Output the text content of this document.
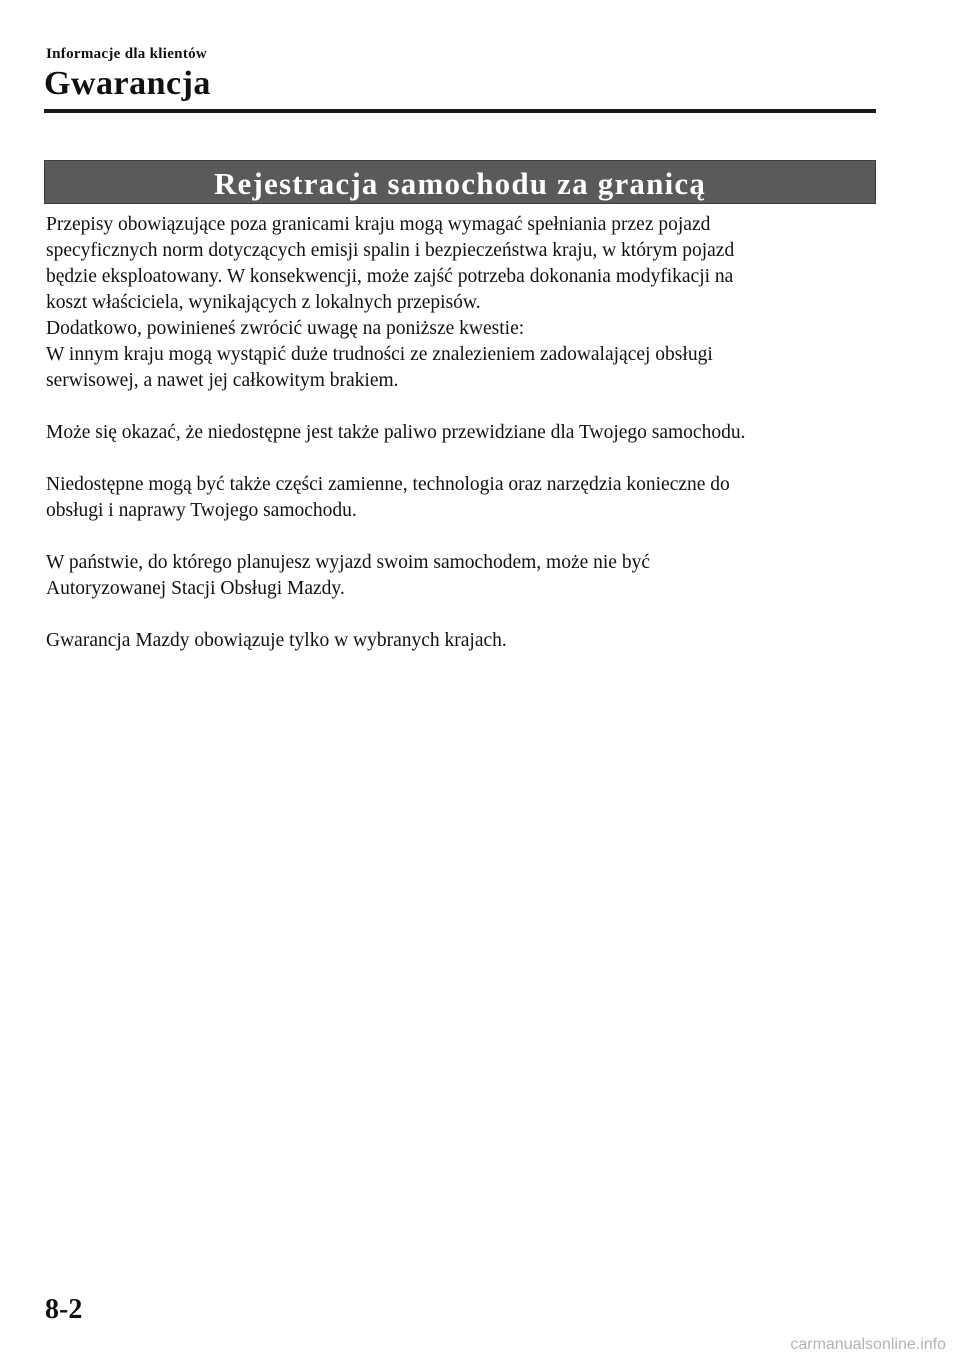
Informacje dla klientów
Gwarancja
Rejestracja samochodu za granicą
Przepisy obowiązujące poza granicami kraju mogą wymagać spełniania przez pojazd
specyficznych norm dotyczących emisji spalin i bezpieczeństwa kraju, w którym pojazd
będzie eksploatowany. W konsekwencji, może zajść potrzeba dokonania modyfikacji na
koszt właściciela, wynikających z lokalnych przepisów.
Dodatkowo, powinieneś zwrócić uwagę na poniższe kwestie:
W innym kraju mogą wystąpić duże trudności ze znalezieniem zadowalającej obsługi
serwisowej, a nawet jej całkowitym brakiem.
Może się okazać, że niedostępne jest także paliwo przewidziane dla Twojego samochodu.
Niedostępne mogą być także części zamienne, technologia oraz narzędzia konieczne do
obsługi i naprawy Twojego samochodu.
W państwie, do którego planujesz wyjazd swoim samochodem, może nie być
Autoryzowanej Stacji Obsługi Mazdy.
Gwarancja Mazdy obowiązuje tylko w wybranych krajach.
8-2
carmanualsonline.info
